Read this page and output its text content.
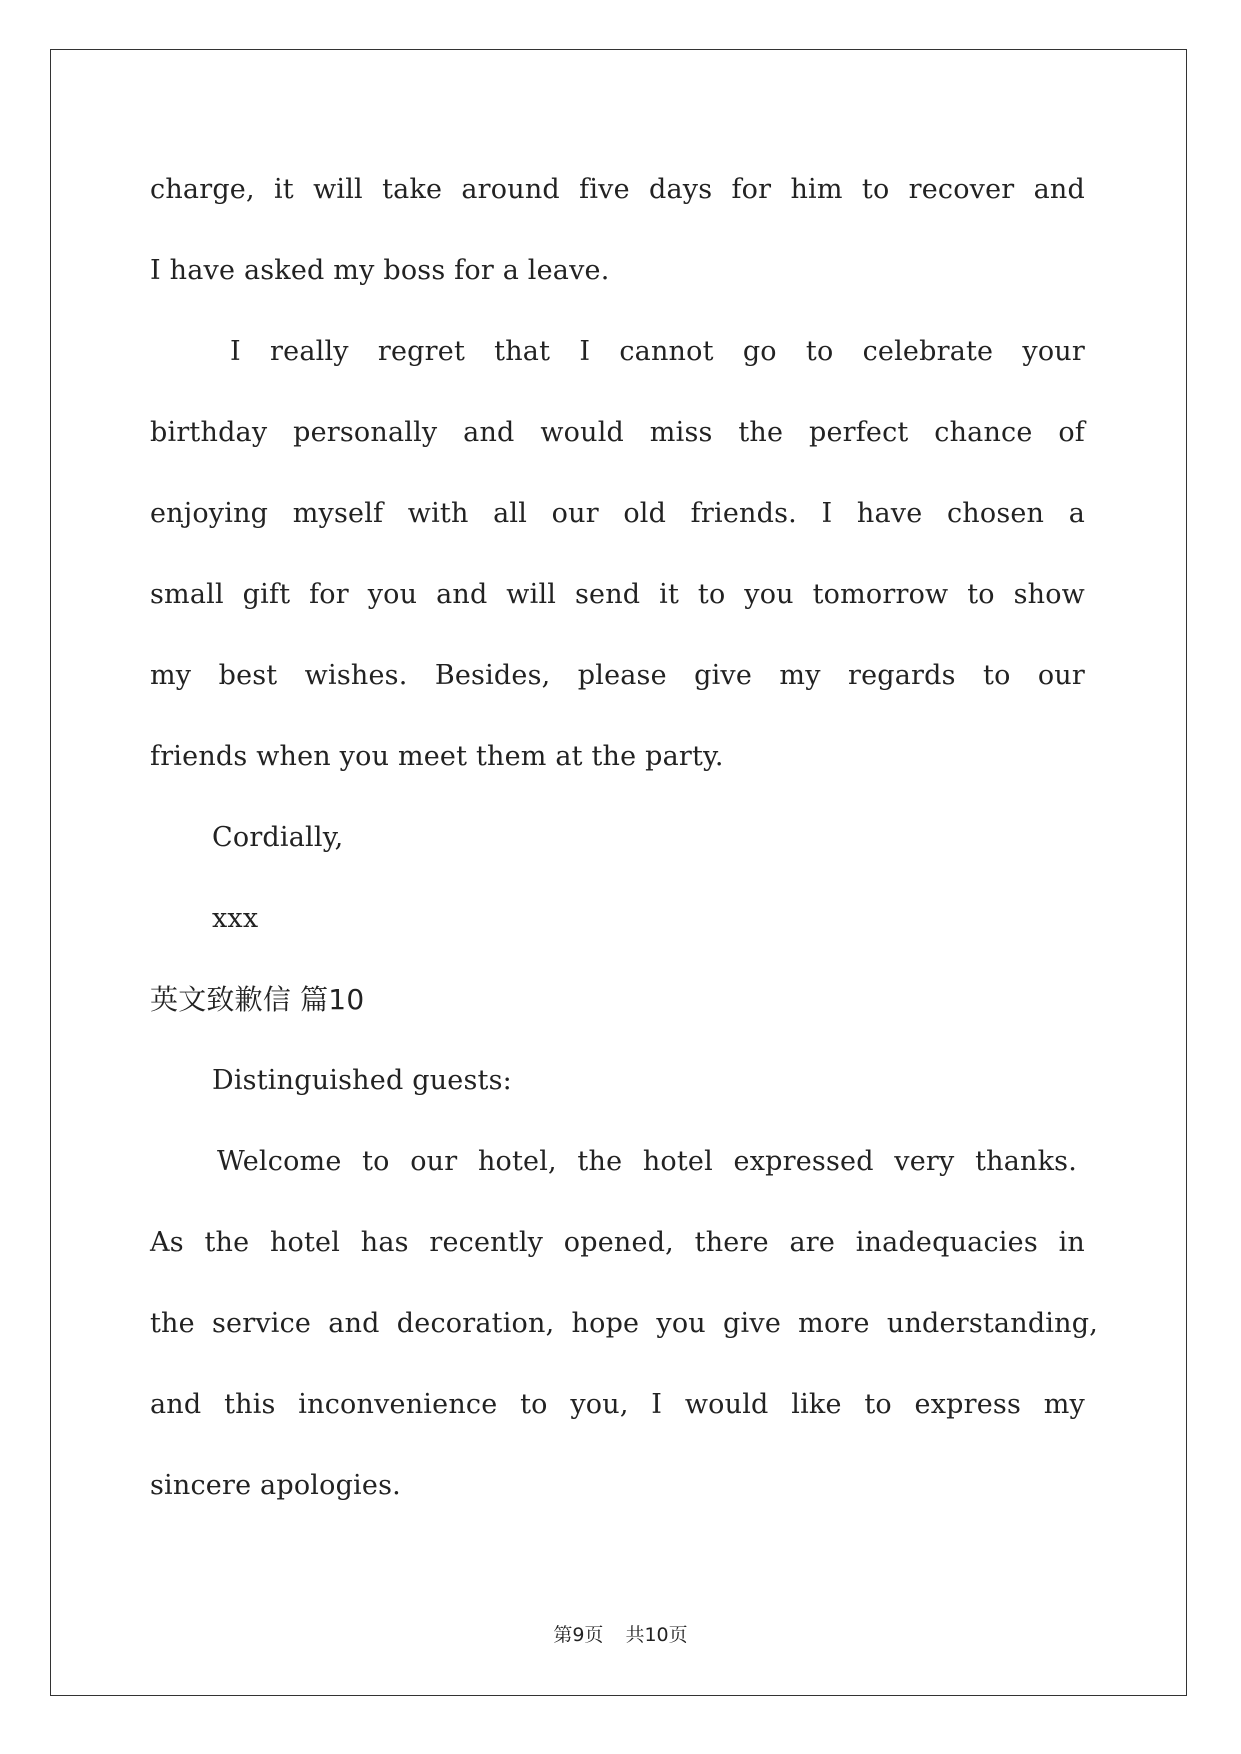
charge, it will take around five days for him to recover and
I have asked my boss for a leave.
I really regret that I cannot go to celebrate your
birthday personally and would miss the perfect chance of
enjoying myself with all our old friends. I have chosen a
small gift for you and will send it to you tomorrow to show
my best wishes. Besides, please give my regards to our
friends when you meet them at the party.
Cordially,
xxx
英文致歉信 篇10
Distinguished guests:
Welcome to our hotel, the hotel expressed very thanks.
As the hotel has recently opened, there are inadequacies in
the service and decoration, hope you give more understanding,
and this inconvenience to you, I would like to express my
sincere apologies.
第9页 共10页
